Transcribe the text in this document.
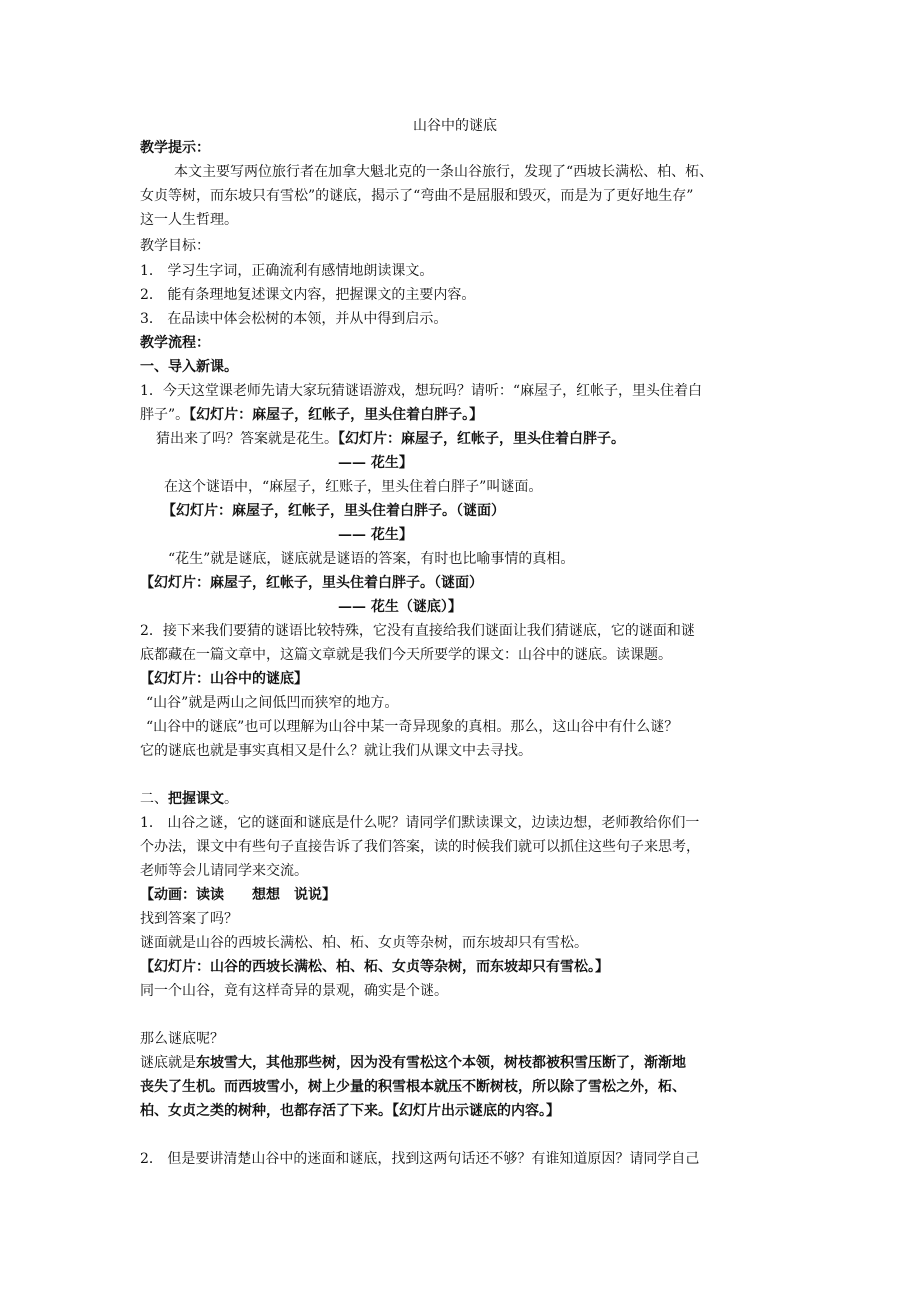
山谷中的谜底
教学提示：
本文主要写两位旅行者在加拿大魁北克的一条山谷旅行，发现了“西坡长满松、柏、柘、
女贞等树，而东坡只有雪松”的谜底，揭示了“弯曲不是屈服和毁灭，而是为了更好地生存”
这一人生哲理。
教学目标：
1． 学习生字词，正确流利有感情地朗读课文。
2． 能有条理地复述课文内容，把握课文的主要内容。
3． 在品读中体会松树的本领，并从中得到启示。
教学流程：
一、导入新课。
1．今天这堂课老师先请大家玩猜谜语游戏，想玩吗？请听：“麻屋子，红帐子，里头住着白
胖子”。【幻灯片：麻屋子，红帐子，里头住着白胖子。】
猜出来了吗？答案就是花生。【幻灯片：麻屋子，红帐子，里头住着白胖子。
—— 花生】
在这个谜语中，“麻屋子，红账子，里头住着白胖子”叫谜面。
【幻灯片：麻屋子，红帐子，里头住着白胖子。（谜面）
—— 花生】
“花生”就是谜底，谜底就是谜语的答案，有时也比喻事情的真相。
【幻灯片：麻屋子，红帐子，里头住着白胖子。（谜面）
—— 花生（谜底）】
2．接下来我们要猜的谜语比较特殊，它没有直接给我们谜面让我们猜谜底，它的谜面和谜
底都藏在一篇文章中，这篇文章就是我们今天所要学的课文：山谷中的谜底。读课题。
【幻灯片：山谷中的谜底】
“山谷”就是两山之间低凹而狭窄的地方。
“山谷中的谜底”也可以理解为山谷中某一奇异现象的真相。那么，这山谷中有什么谜？
它的谜底也就是事实真相又是什么？就让我们从课文中去寻找。
二、把握课文。
1． 山谷之谜，它的谜面和谜底是什么呢？请同学们默读课文，边读边想，老师教给你们一
个办法，课文中有些句子直接告诉了我们答案，读的时候我们就可以抓住这些句子来思考，
老师等会儿请同学来交流。
【动画：读读　　想想　说说】
找到答案了吗？
谜面就是山谷的西坡长满松、柏、柘、女贞等杂树，而东坡却只有雪松。
【幻灯片：山谷的西坡长满松、柏、柘、女贞等杂树，而东坡却只有雪松。】
同一个山谷，竟有这样奇异的景观，确实是个谜。
那么谜底呢？
谜底就是东坡雪大，其他那些树，因为没有雪松这个本领，树枝都被积雪压断了，渐渐地
丧失了生机。而西坡雪小，树上少量的积雪根本就压不断树枝，所以除了雪松之外，柘、
柏、女贞之类的树种，也都存活了下来。【幻灯片出示谜底的内容。】
2． 但是要讲清楚山谷中的迷面和谜底，找到这两句话还不够？有谁知道原因？请同学自己
